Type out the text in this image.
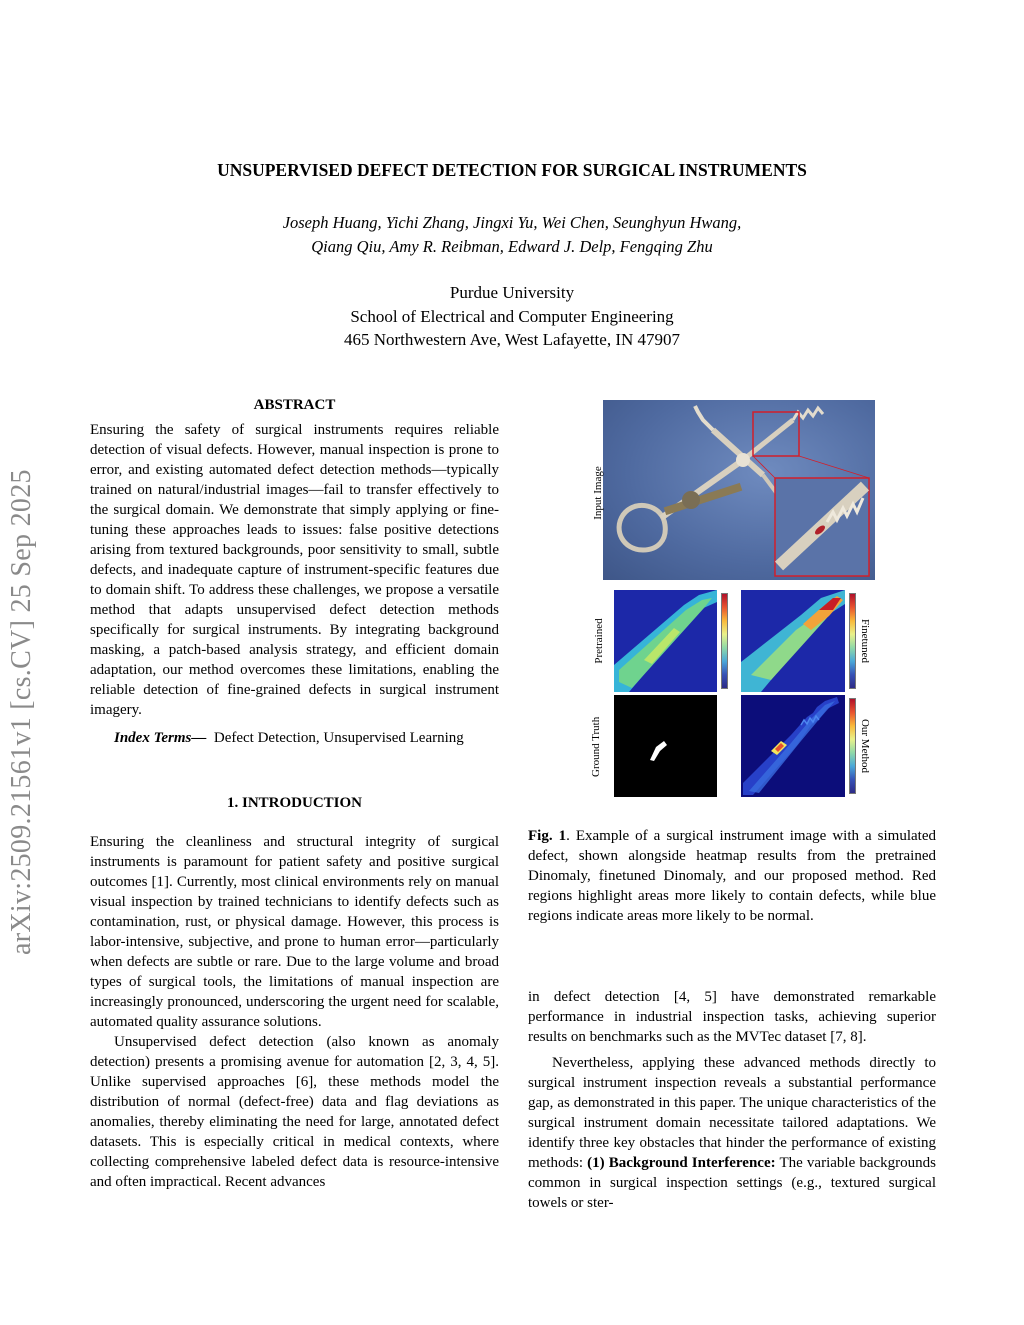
arXiv:2509.21561v1 [cs.CV] 25 Sep 2025
UNSUPERVISED DEFECT DETECTION FOR SURGICAL INSTRUMENTS
Joseph Huang, Yichi Zhang, Jingxi Yu, Wei Chen, Seunghyun Hwang,
Qiang Qiu, Amy R. Reibman, Edward J. Delp, Fengqing Zhu
Purdue University
School of Electrical and Computer Engineering
465 Northwestern Ave, West Lafayette, IN 47907
ABSTRACT

Ensuring the safety of surgical instruments requires reliable detection of visual defects. However, manual inspection is prone to error, and existing automated defect detection methods—typically trained on natural/industrial images—fail to transfer effectively to the surgical domain. We demonstrate that simply applying or fine-tuning these approaches leads to issues: false positive detections arising from textured backgrounds, poor sensitivity to small, subtle defects, and inadequate capture of instrument-specific features due to domain shift. To address these challenges, we propose a versatile method that adapts unsupervised defect detection methods specifically for surgical instruments. By integrating background masking, a patch-based analysis strategy, and efficient domain adaptation, our method overcomes these limitations, enabling the reliable detection of fine-grained defects in surgical instrument imagery.

Index Terms— Defect Detection, Unsupervised Learning

1. INTRODUCTION

Ensuring the cleanliness and structural integrity of surgical instruments is paramount for patient safety and positive surgical outcomes [1]. Currently, most clinical environments rely on manual visual inspection by trained technicians to identify defects such as contamination, rust, or physical damage. However, this process is labor-intensive, subjective, and prone to human error—particularly when defects are subtle or rare. Due to the large volume and broad types of surgical tools, the limitations of manual inspection are increasingly pronounced, underscoring the urgent need for scalable, automated quality assurance solutions.

Unsupervised defect detection (also known as anomaly detection) presents a promising avenue for automation [2, 3, 4, 5]. Unlike supervised approaches [6], these methods model the distribution of normal (defect-free) data and flag deviations as anomalies, thereby eliminating the need for large, annotated defect datasets. This is especially critical in medical contexts, where collecting comprehensive labeled defect data is resource-intensive and often impractical. Recent advances

Input Image
Pretrained	Finetuned
Ground Truth	Our Method

Fig. 1. Example of a surgical instrument image with a simulated defect, shown alongside heatmap results from the pretrained Dinomaly, finetuned Dinomaly, and our proposed method. Red regions highlight areas more likely to contain defects, while blue regions indicate areas more likely to be normal.

in defect detection [4, 5] have demonstrated remarkable performance in industrial inspection tasks, achieving superior results on benchmarks such as the MVTec dataset [7, 8].

Nevertheless, applying these advanced methods directly to surgical instrument inspection reveals a substantial performance gap, as demonstrated in this paper. The unique characteristics of the surgical instrument domain necessitate tailored adaptations. We identify three key obstacles that hinder the performance of existing methods: (1) Background Interference: The variable backgrounds common in surgical inspection settings (e.g., textured surgical towels or ster-
